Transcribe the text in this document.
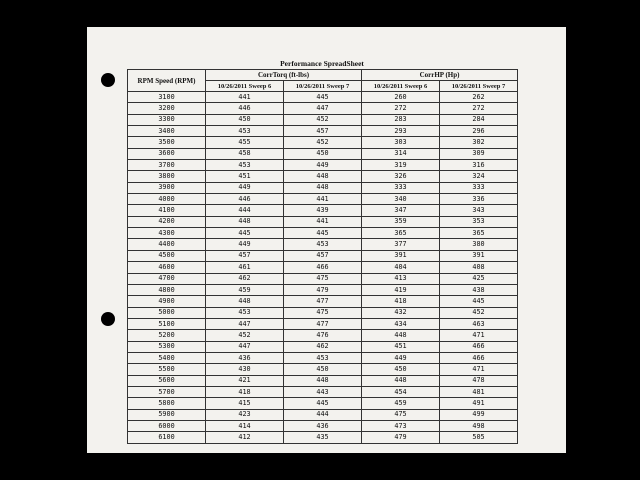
Performance SpreadSheet
RPM Speed (RPM)	CorrTorq (ft-lbs)		CorrHP (Hp)	
	10/26/2011 Sweep 6	10/26/2011 Sweep 7	10/26/2011 Sweep 6	10/26/2011 Sweep 7
3100	441	445	260	262
3200	446	447	272	272
3300	450	452	283	284
3400	453	457	293	296
3500	455	452	303	302
3600	458	450	314	309
3700	453	449	319	316
3800	451	448	326	324
3900	449	448	333	333
4000	446	441	340	336
4100	444	439	347	343
4200	448	441	359	353
4300	445	445	365	365
4400	449	453	377	380
4500	457	457	391	391
4600	461	466	404	408
4700	462	475	413	425
4800	459	479	419	438
4900	448	477	418	445
5000	453	475	432	452
5100	447	477	434	463
5200	452	476	448	471
5300	447	462	451	466
5400	436	453	449	466
5500	430	450	450	471
5600	421	448	448	478
5700	418	443	454	481
5800	415	445	459	491
5900	423	444	475	499
6000	414	436	473	498
6100	412	435	479	505
